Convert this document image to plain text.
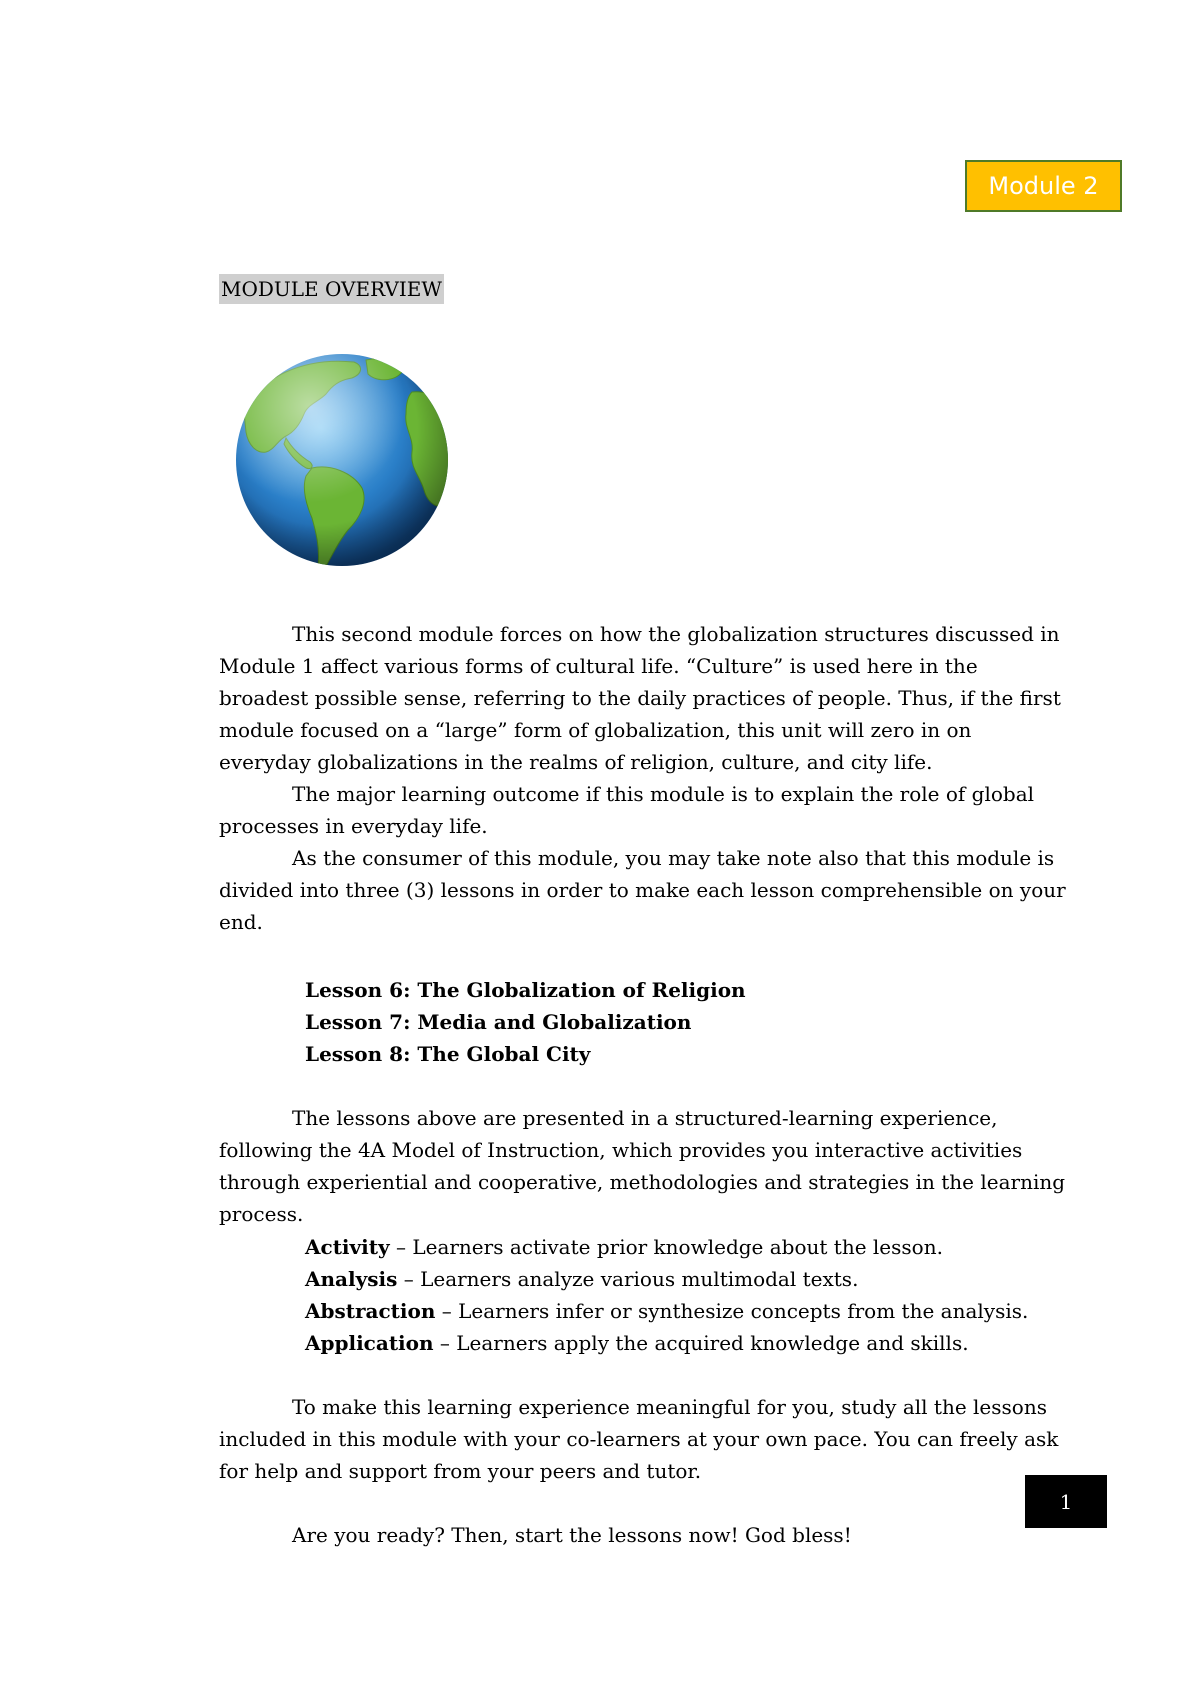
Module 2
MODULE OVERVIEW

This second module forces on how the globalization structures discussed in Module 1 affect various forms of cultural life. “Culture” is used here in the broadest possible sense, referring to the daily practices of people. Thus, if the first module focused on a “large” form of globalization, this unit will zero in on everyday globalizations in the realms of religion, culture, and city life.

The major learning outcome if this module is to explain the role of global processes in everyday life.

As the consumer of this module, you may take note also that this module is divided into three (3) lessons in order to make each lesson comprehensible on your end.

Lesson 6: The Globalization of Religion
Lesson 7: Media and Globalization
Lesson 8: The Global City

The lessons above are presented in a structured-learning experience, following the 4A Model of Instruction, which provides you interactive activities through experiential and cooperative, methodologies and strategies in the learning process.

Activity – Learners activate prior knowledge about the lesson.
Analysis – Learners analyze various multimodal texts.
Abstraction – Learners infer or synthesize concepts from the analysis.
Application – Learners apply the acquired knowledge and skills.

To make this learning experience meaningful for you, study all the lessons included in this module with your co-learners at your own pace. You can freely ask for help and support from your peers and tutor.

Are you ready? Then, start the lessons now! God bless!

1
